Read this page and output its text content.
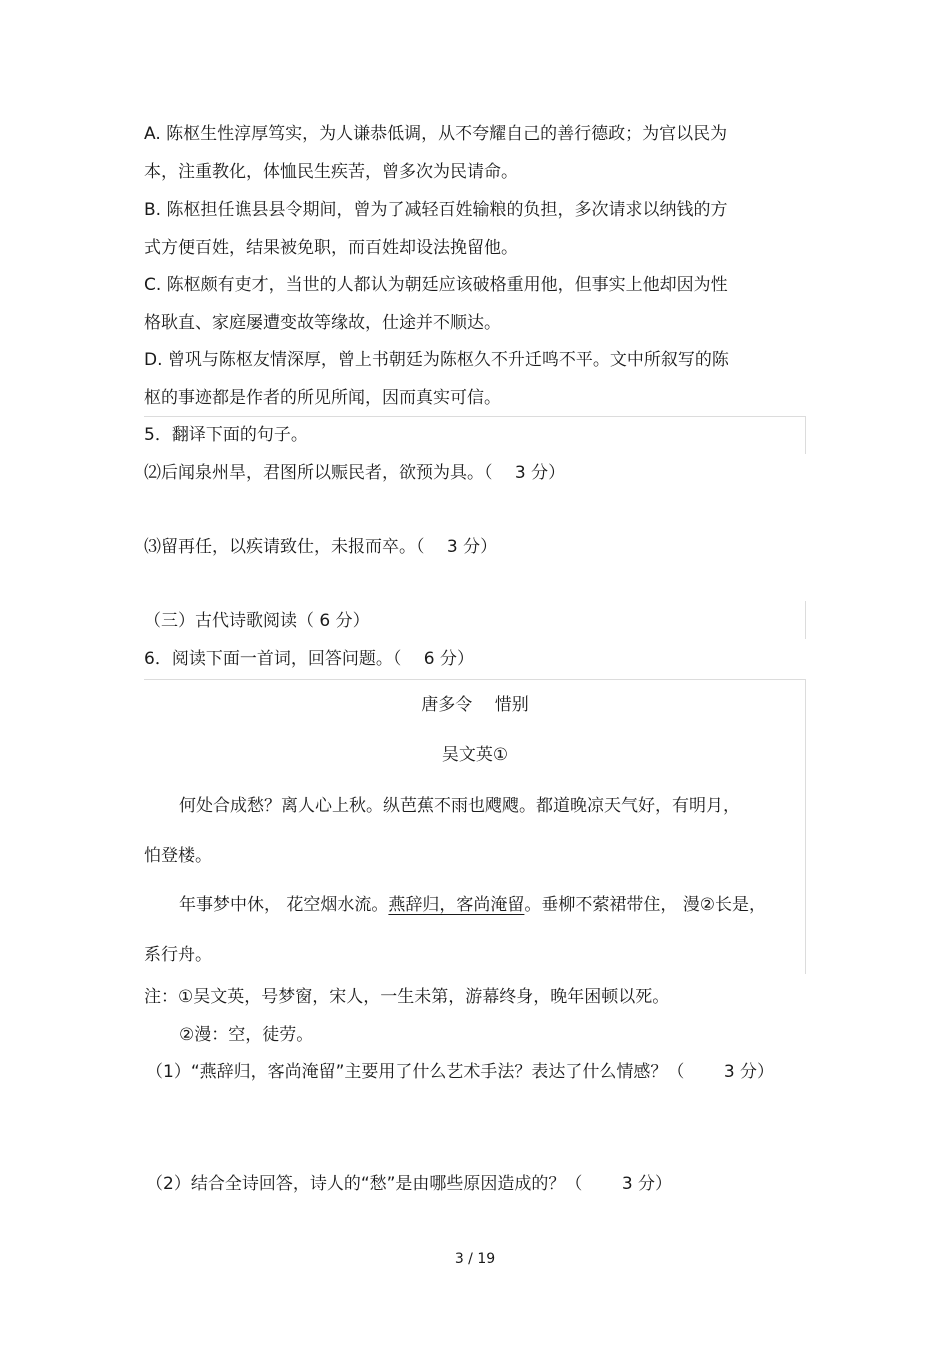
A. 陈枢生性淳厚笃实，为人谦恭低调，从不夸耀自己的善行德政；为官以民为
本，注重教化，体恤民生疾苦，曾多次为民请命。
B. 陈枢担任谯县县令期间，曾为了减轻百姓输粮的负担，多次请求以纳钱的方
式方便百姓，结果被免职，而百姓却设法挽留他。
C. 陈枢颇有吏才，当世的人都认为朝廷应该破格重用他，但事实上他却因为性
格耿直、家庭屡遭变故等缘故，仕途并不顺达。
D. 曾巩与陈枢友情深厚，曾上书朝廷为陈枢久不升迁鸣不平。文中所叙写的陈
枢的事迹都是作者的所见所闻，因而真实可信。
5．翻译下面的句子。
⑵后闻泉州旱，君图所以赈民者，欲预为具。（　 3 分）
⑶留再任，以疾请致仕，未报而卒。（　 3 分）
（三）古代诗歌阅读（ 6 分）
6．阅读下面一首词，回答问题。（　 6 分）
唐多令　 惜别
吴文英①
何处合成愁？离人心上秋。纵芭蕉不雨也飕飕。都道晚凉天气好，有明月，
怕登楼。
年事梦中休， 花空烟水流。燕辞归，客尚淹留。垂柳不萦裙带住， 漫②长是，
系行舟。
注：①吴文英，号梦窗，宋人，一生未第，游幕终身，晚年困顿以死。
②漫：空，徒劳。
（1）“燕辞归，客尚淹留”主要用了什么艺术手法？表达了什么情感？（　　 3 分）
（2）结合全诗回答，诗人的“愁”是由哪些原因造成的？（　　 3 分）
3 / 19
